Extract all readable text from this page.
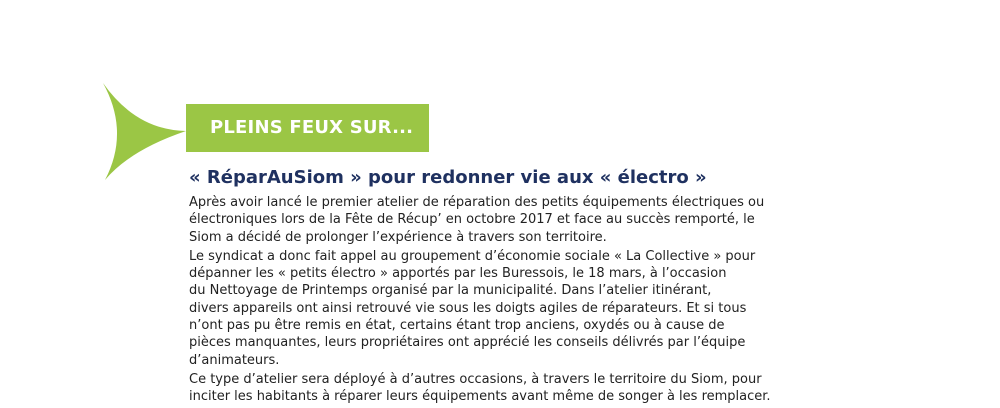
PLEINS FEUX SUR...
« RéparAuSiom » pour redonner vie aux « électro »

Après avoir lancé le premier atelier de réparation des petits équipements électriques ou
électroniques lors de la Fête de Récup’ en octobre 2017 et face au succès remporté, le
Siom a décidé de prolonger l’expérience à travers son territoire.

Le syndicat a donc fait appel au groupement d’économie sociale « La Collective » pour
dépanner les « petits électro » apportés par les Buressois, le 18 mars, à l’occasion
du Nettoyage de Printemps organisé par la municipalité. Dans l’atelier itinérant,
divers appareils ont ainsi retrouvé vie sous les doigts agiles de réparateurs. Et si tous
n’ont pas pu être remis en état, certains étant trop anciens, oxydés ou à cause de
pièces manquantes, leurs propriétaires ont apprécié les conseils délivrés par l’équipe
d’animateurs.

Ce type d’atelier sera déployé à d’autres occasions, à travers le territoire du Siom, pour
inciter les habitants à réparer leurs équipements avant même de songer à les remplacer.
